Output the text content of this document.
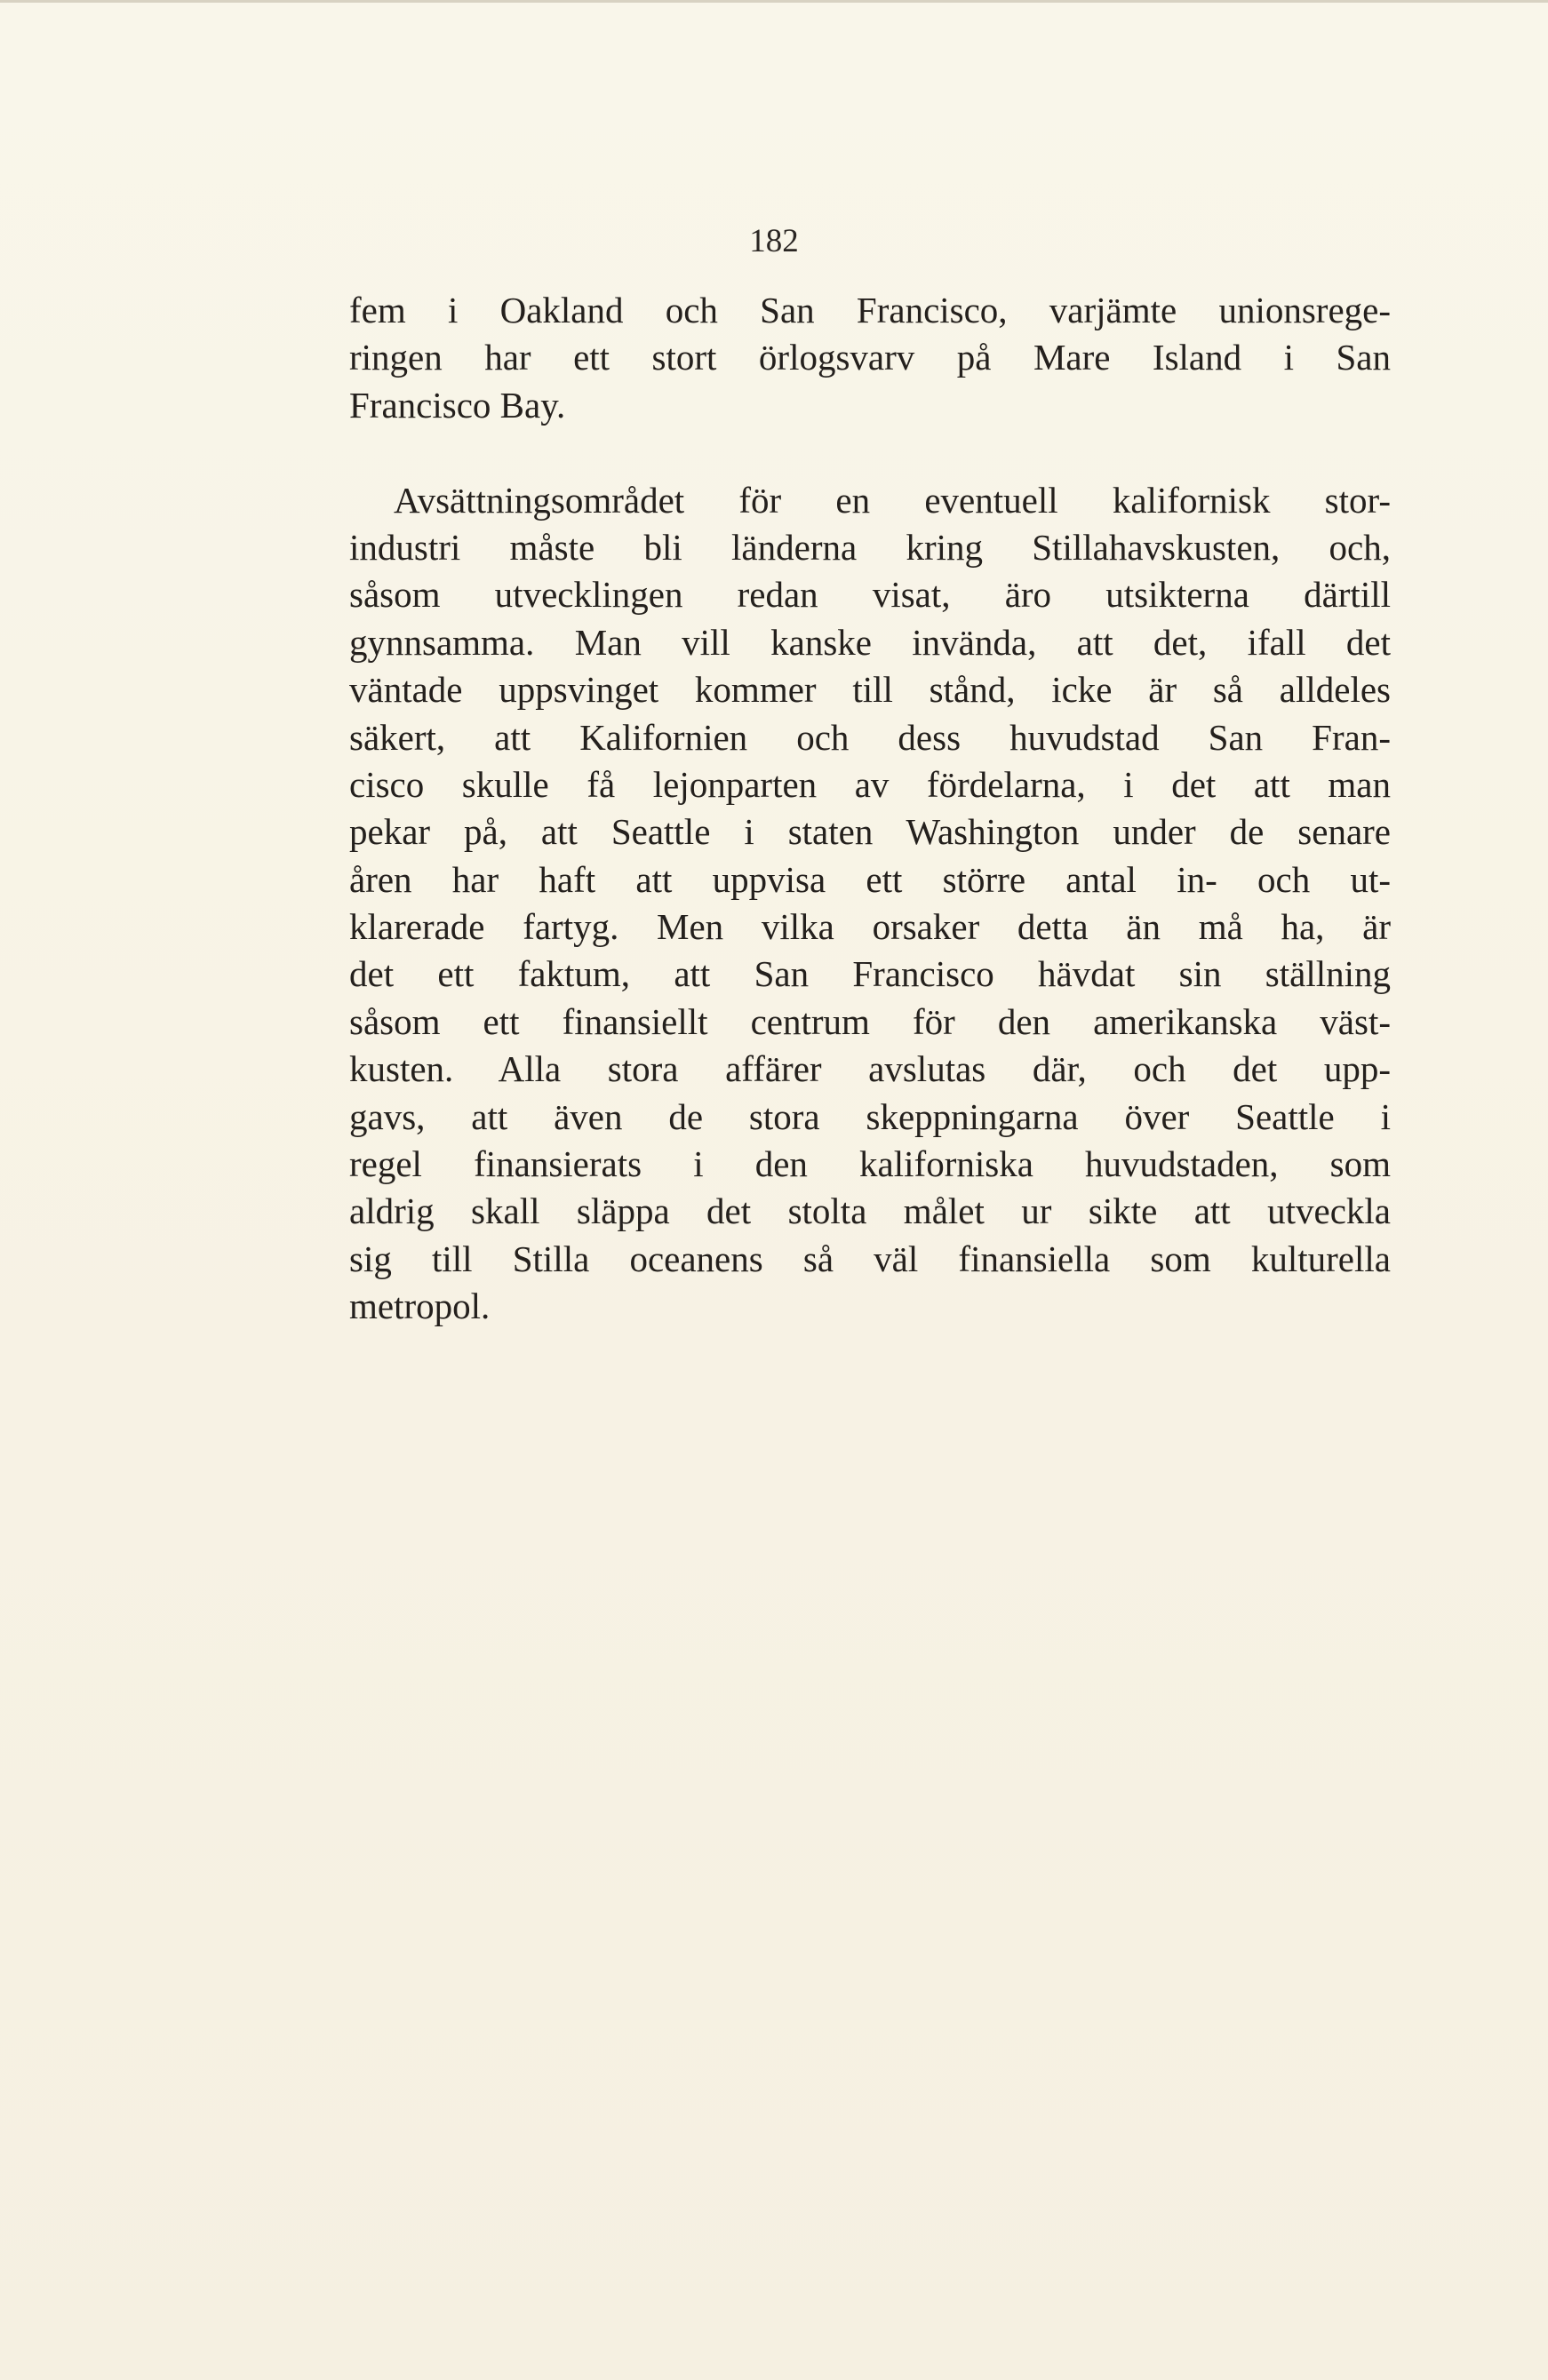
182

fem i Oakland och San Francisco, varjämte unionsrege-
ringen har ett stort örlogsvarv på Mare Island i San
Francisco Bay.
Avsättningsområdet för en eventuell kalifornisk stor-
industri måste bli länderna kring Stillahavskusten, och,
såsom utvecklingen redan visat, äro utsikterna därtill
gynnsamma. Man vill kanske invända, att det, ifall det
väntade uppsvinget kommer till stånd, icke är så alldeles
säkert, att Kalifornien och dess huvudstad San Fran-
cisco skulle få lejonparten av fördelarna, i det att man
pekar på, att Seattle i staten Washington under de senare
åren har haft att uppvisa ett större antal in- och ut-
klarerade fartyg. Men vilka orsaker detta än må ha, är
det ett faktum, att San Francisco hävdat sin ställning
såsom ett finansiellt centrum för den amerikanska väst-
kusten. Alla stora affärer avslutas där, och det upp-
gavs, att även de stora skeppningarna över Seattle i
regel finansierats i den kaliforniska huvudstaden, som
aldrig skall släppa det stolta målet ur sikte att utveckla
sig till Stilla oceanens så väl finansiella som kulturella
metropol.
